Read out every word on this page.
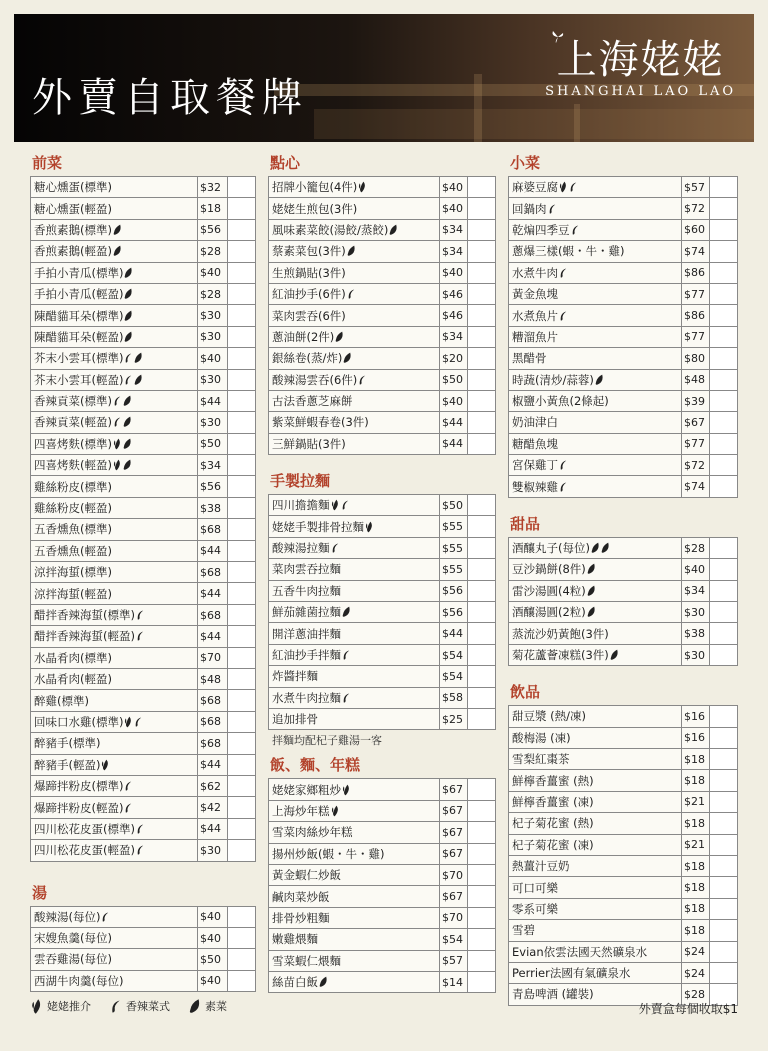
外賣自取餐牌
上海姥姥
SHANGHAI LAO LAO
前菜
糖心燻蛋(標準)	$32	
糖心燻蛋(輕盈)	$18	
香煎素鵝(標準)	$56	
香煎素鵝(輕盈)	$28	
手拍小青瓜(標準)	$40	
手拍小青瓜(輕盈)	$28	
陳醋貓耳朵(標準)	$30	
陳醋貓耳朵(輕盈)	$30	
芥末小雲耳(標準)	$40	
芥末小雲耳(輕盈)	$30	
香辣貢菜(標準)	$44	
香辣貢菜(輕盈)	$30	
四喜烤麩(標準)	$50	
四喜烤麩(輕盈)	$34	
雞絲粉皮(標準)	$56	
雞絲粉皮(輕盈)	$38	
五香燻魚(標準)	$68	
五香燻魚(輕盈)	$44	
涼拌海蜇(標準)	$68	
涼拌海蜇(輕盈)	$44	
醋拌香辣海蜇(標準)	$68	
醋拌香辣海蜇(輕盈)	$44	
水晶肴肉(標準)	$70	
水晶肴肉(輕盈)	$48	
醉雞(標準)	$68	
回味口水雞(標準)	$68	
醉豬手(標準)	$68	
醉豬手(輕盈)	$44	
爆蹄拌粉皮(標準)	$62	
爆蹄拌粉皮(輕盈)	$42	
四川松花皮蛋(標準)	$44	
四川松花皮蛋(輕盈)	$30	
湯
酸辣湯(每位)	$40	
宋嫂魚羹(每位)	$40	
雲吞雞湯(每位)	$50	
西湖牛肉羹(每位)	$40	
點心
招牌小籠包(4件)	$40	
姥姥生煎包(3件)	$40	
風味素菜餃(湯餃/蒸餃)	$34	
蔡素菜包(3件)	$34	
生煎鍋貼(3件)	$40	
紅油抄手(6件)	$46	
菜肉雲吞(6件)	$46	
蔥油餅(2件)	$34	
銀絲卷(蒸/炸)	$20	
酸辣湯雲吞(6件)	$50	
古法香蔥芝麻餅	$40	
紫菜鮮蝦春卷(3件)	$44	
三鮮鍋貼(3件)	$44	
手製拉麵
四川擔擔麵	$50	
姥姥手製排骨拉麵	$55	
酸辣湯拉麵	$55	
菜肉雲吞拉麵	$55	
五香牛肉拉麵	$56	
鮮茄雜菌拉麵	$56	
開洋蔥油拌麵	$44	
紅油抄手拌麵	$54	
炸醬拌麵	$54	
水煮牛肉拉麵	$58	
追加排骨	$25	
拌麵均配杞子雞湯一客
飯、麵、年糕
姥姥家鄉粗炒	$67	
上海炒年糕	$67	
雪菜肉絲炒年糕	$67	
揚州炒飯(蝦・牛・雞)	$67	
黃金蝦仁炒飯	$70	
鹹肉菜炒飯	$67	
排骨炒粗麵	$70	
嫩雞煨麵	$54	
雪菜蝦仁煨麵	$57	
絲苗白飯	$14	
小菜
麻婆豆腐	$57	
回鍋肉	$72	
乾煸四季豆	$60	
蔥爆三樣(蝦・牛・雞)	$74	
水煮牛肉	$86	
黃金魚塊	$77	
水煮魚片	$86	
糟溜魚片	$77	
黑醋骨	$80	
時蔬(清炒/蒜蓉)	$48	
椒鹽小黃魚(2條起)	$39	
奶油津白	$67	
糖醋魚塊	$77	
宮保雞丁	$72	
雙椒辣雞	$74	
甜品
酒釀丸子(每位)	$28	
豆沙鍋餅(8件)	$40	
雷沙湯圓(4粒)	$34	
酒釀湯圓(2粒)	$30	
蒸流沙奶黃飽(3件)	$38	
菊花蘆薈凍糕(3件)	$30	
飲品
甜豆漿 (熱/凍)	$16	
酸梅湯 (凍)	$16	
雪梨紅棗茶	$18	
鮮檸香薑蜜 (熱)	$18	
鮮檸香薑蜜 (凍)	$21	
杞子菊花蜜 (熱)	$18	
杞子菊花蜜 (凍)	$21	
熱薑汁豆奶	$18	
可口可樂	$18	
零系可樂	$18	
雪碧	$18	
Evian依雲法國天然礦泉水	$24	
Perrier法國有氣礦泉水	$24	
青島啤酒 (罐裝)	$28	
姥姥推介	香辣菜式	素菜	外賣盒每個收取$1
